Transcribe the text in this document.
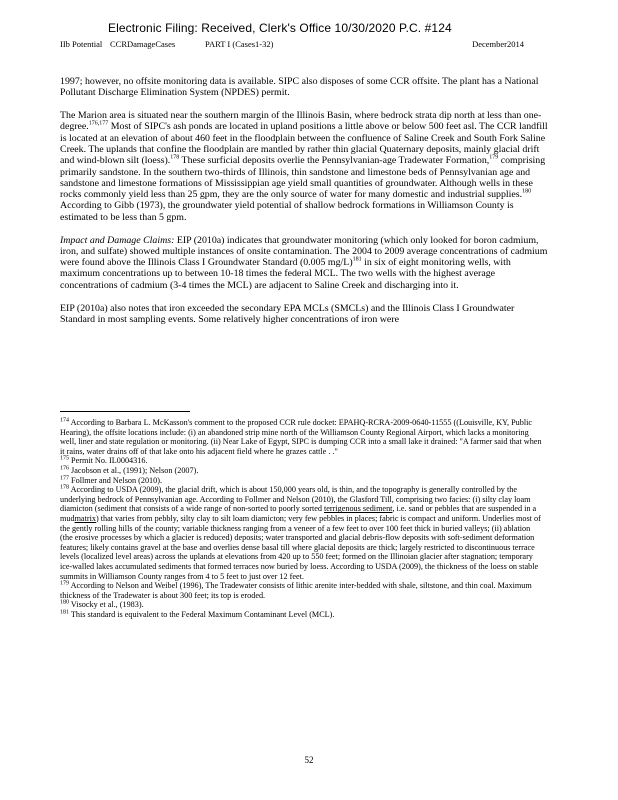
Electronic Filing: Received, Clerk's Office 10/30/2020 P.C. #124
IIb Potential CCRDamageCases	PART I (Cases1-32)	December2014

1997; however, no offsite monitoring data is available. SIPC also disposes of some CCR offsite. The plant has a National Pollutant Discharge Elimination System (NPDES) permit.

The Marion area is situated near the southern margin of the Illinois Basin, where bedrock strata dip north at less than one-degree.$^{176,177}$ Most of SIPC's ash ponds are located in upland positions a little above or below 500 feet asl. The CCR landfill is located at an elevation of about 460 feet in the floodplain between the confluence of Saline Creek and South Fork Saline Creek. The uplands that confine the floodplain are mantled by rather thin glacial Quaternary deposits, mainly glacial drift and wind-blown silt (loess).$^{178}$ These surficial deposits overlie the Pennsylvanian-age Tradewater Formation,$^{179}$ comprising primarily sandstone. In the southern two-thirds of Illinois, thin sandstone and limestone beds of Pennsylvanian age and sandstone and limestone formations of Mississippian age yield small quantities of groundwater. Although wells in these rocks commonly yield less than 25 gpm, they are the only source of water for many domestic and industrial supplies.$^{180}$ According to Gibb (1973), the groundwater yield potential of shallow bedrock formations in Williamson County is estimated to be less than 5 gpm.

Impact and Damage Claims: EIP (2010a) indicates that groundwater monitoring (which only looked for boron cadmium, iron, and sulfate) showed multiple instances of onsite contamination. The 2004 to 2009 average concentrations of cadmium were found above the Illinois Class I Groundwater Standard (0.005 mg/L)$^{181}$ in six of eight monitoring wells, with maximum concentrations up to between 10-18 times the federal MCL. The two wells with the highest average concentrations of cadmium (3-4 times the MCL) are adjacent to Saline Creek and discharging into it.

EIP (2010a) also notes that iron exceeded the secondary EPA MCLs (SMCLs) and the Illinois Class I Groundwater Standard in most sampling events. Some relatively higher concentrations of iron were

$^{174}$ According to Barbara L. McKasson's comment to the proposed CCR rule docket: EPAHQ-RCRA-2009-0640-11555 ((Louisville, KY, Public Hearing), the offsite locations include: (i) an abandoned strip mine north of the Williamson County Regional Airport, which lacks a monitoring well, liner and state regulation or monitoring. (ii) Near Lake of Egypt, SIPC is dumping CCR into a small lake it drained: "A farmer said that when it rains, water drains off of that lake onto his adjacent field where he grazes cattle . ."

$^{175}$ Permit No. IL0004316.

$^{176}$ Jacobson et al., (1991); Nelson (2007).

$^{177}$ Follmer and Nelson (2010).

$^{178}$ According to USDA (2009), the glacial drift, which is about 150,000 years old, is thin, and the topography is generally controlled by the underlying bedrock of Pennsylvanian age. According to Follmer and Nelson (2010), the Glasford Till, comprising two facies: (i) silty clay loam diamicton (sediment that consists of a wide range of non-sorted to poorly sorted terrigenous sediment, i.e. sand or pebbles that are suspended in a mudmatrix) that varies from pebbly, silty clay to silt loam diamicton; very few pebbles in places; fabric is compact and uniform. Underlies most of the gently rolling hills of the county; variable thickness ranging from a veneer of a few feet to over 100 feet thick in buried valleys; (ii) ablation (the erosive processes by which a glacier is reduced) deposits; water transported and glacial debris-flow deposits with soft-sediment deformation features; likely contains gravel at the base and overlies dense basal till where glacial deposits are thick; largely restricted to discontinuous terrace levels (localized level areas) across the uplands at elevations from 420 up to 550 feet; formed on the Illinoian glacier after stagnation; temporary ice-walled lakes accumulated sediments that formed terraces now buried by loess. According to USDA (2009), the thickness of the loess on stable summits in Williamson County ranges from 4 to 5 feet to just over 12 feet.

$^{179}$ According to Nelson and Weibel (1996), The Tradewater consists of lithic arenite inter-bedded with shale, siltstone, and thin coal. Maximum thickness of the Tradewater is about 300 feet; its top is eroded.

$^{180}$ Visocky et al., (1983).

$^{181}$ This standard is equivalent to the Federal Maximum Contaminant Level (MCL).

52
